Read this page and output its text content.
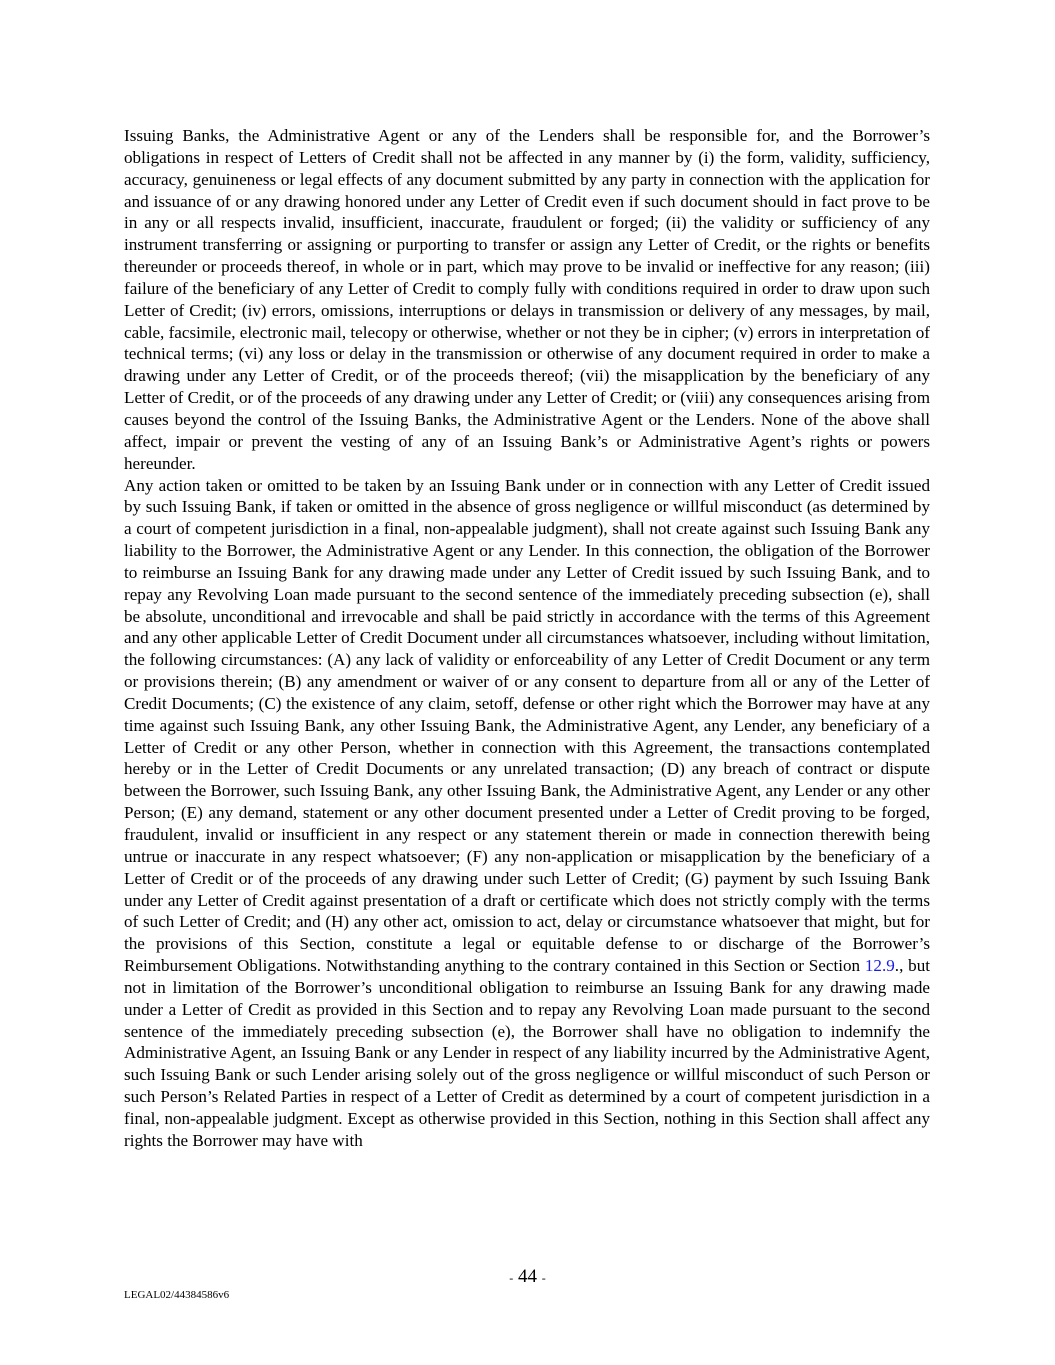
Issuing Banks, the Administrative Agent or any of the Lenders shall be responsible for, and the Borrower’s obligations in respect of Letters of Credit shall not be affected in any manner by (i) the form, validity, sufficiency, accuracy, genuineness or legal effects of any document submitted by any party in connection with the application for and issuance of or any drawing honored under any Letter of Credit even if such document should in fact prove to be in any or all respects invalid, insufficient, inaccurate, fraudulent or forged; (ii) the validity or sufficiency of any instrument transferring or assigning or purporting to transfer or assign any Letter of Credit, or the rights or benefits thereunder or proceeds thereof, in whole or in part, which may prove to be invalid or ineffective for any reason; (iii) failure of the beneficiary of any Letter of Credit to comply fully with conditions required in order to draw upon such Letter of Credit; (iv) errors, omissions, interruptions or delays in transmission or delivery of any messages, by mail, cable, facsimile, electronic mail, telecopy or otherwise, whether or not they be in cipher; (v) errors in interpretation of technical terms; (vi) any loss or delay in the transmission or otherwise of any document required in order to make a drawing under any Letter of Credit, or of the proceeds thereof; (vii) the misapplication by the beneficiary of any Letter of Credit, or of the proceeds of any drawing under any Letter of Credit; or (viii) any consequences arising from causes beyond the control of the Issuing Banks, the Administrative Agent or the Lenders. None of the above shall affect, impair or prevent the vesting of any of an Issuing Bank’s or Administrative Agent’s rights or powers hereunder.

Any action taken or omitted to be taken by an Issuing Bank under or in connection with any Letter of Credit issued by such Issuing Bank, if taken or omitted in the absence of gross negligence or willful misconduct (as determined by a court of competent jurisdiction in a final, non-appealable judgment), shall not create against such Issuing Bank any liability to the Borrower, the Administrative Agent or any Lender. In this connection, the obligation of the Borrower to reimburse an Issuing Bank for any drawing made under any Letter of Credit issued by such Issuing Bank, and to repay any Revolving Loan made pursuant to the second sentence of the immediately preceding subsection (e), shall be absolute, unconditional and irrevocable and shall be paid strictly in accordance with the terms of this Agreement and any other applicable Letter of Credit Document under all circumstances whatsoever, including without limitation, the following circumstances: (A) any lack of validity or enforceability of any Letter of Credit Document or any term or provisions therein; (B) any amendment or waiver of or any consent to departure from all or any of the Letter of Credit Documents; (C) the existence of any claim, setoff, defense or other right which the Borrower may have at any time against such Issuing Bank, any other Issuing Bank, the Administrative Agent, any Lender, any beneficiary of a Letter of Credit or any other Person, whether in connection with this Agreement, the transactions contemplated hereby or in the Letter of Credit Documents or any unrelated transaction; (D) any breach of contract or dispute between the Borrower, such Issuing Bank, any other Issuing Bank, the Administrative Agent, any Lender or any other Person; (E) any demand, statement or any other document presented under a Letter of Credit proving to be forged, fraudulent, invalid or insufficient in any respect or any statement therein or made in connection therewith being untrue or inaccurate in any respect whatsoever; (F) any non-application or misapplication by the beneficiary of a Letter of Credit or of the proceeds of any drawing under such Letter of Credit; (G) payment by such Issuing Bank under any Letter of Credit against presentation of a draft or certificate which does not strictly comply with the terms of such Letter of Credit; and (H) any other act, omission to act, delay or circumstance whatsoever that might, but for the provisions of this Section, constitute a legal or equitable defense to or discharge of the Borrower’s Reimbursement Obligations. Notwithstanding anything to the contrary contained in this Section or Section 12.9., but not in limitation of the Borrower’s unconditional obligation to reimburse an Issuing Bank for any drawing made under a Letter of Credit as provided in this Section and to repay any Revolving Loan made pursuant to the second sentence of the immediately preceding subsection (e), the Borrower shall have no obligation to indemnify the Administrative Agent, an Issuing Bank or any Lender in respect of any liability incurred by the Administrative Agent, such Issuing Bank or such Lender arising solely out of the gross negligence or willful misconduct of such Person or such Person’s Related Parties in respect of a Letter of Credit as determined by a court of competent jurisdiction in a final, non-appealable judgment. Except as otherwise provided in this Section, nothing in this Section shall affect any rights the Borrower may have with

- 44 -
LEGAL02/44384586v6
